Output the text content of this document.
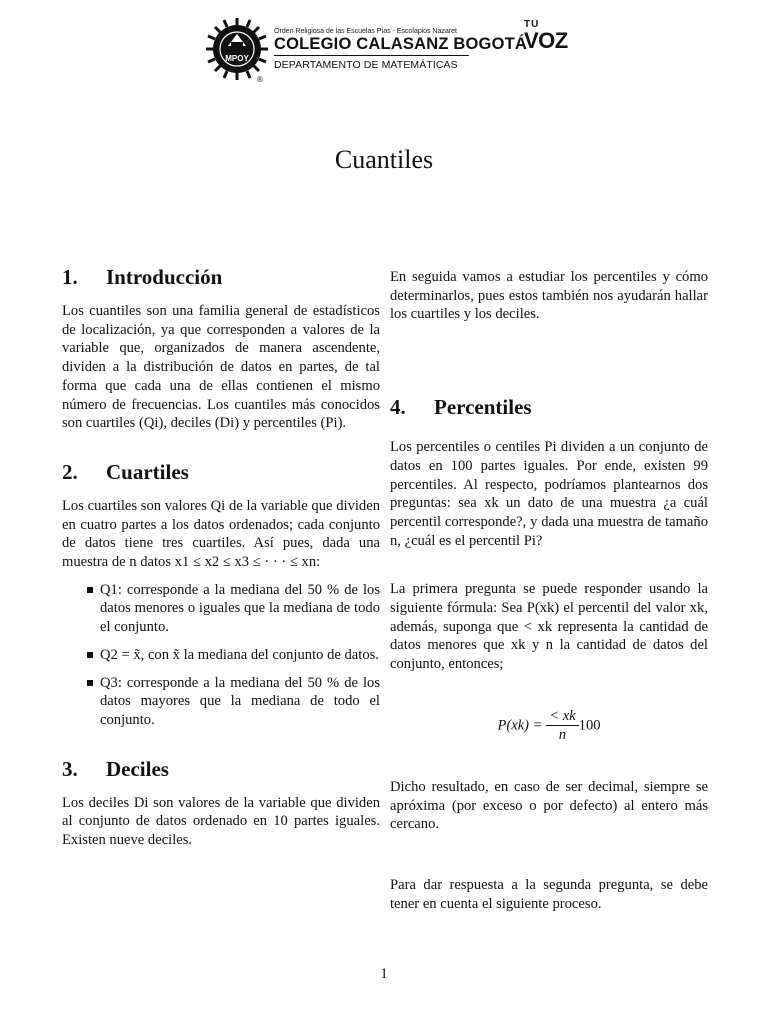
MPOY
®
Orden Religiosa de las Escuelas Pías - Escolapios Nazaret
COLEGIO CALASANZ BOGOTÁ
DEPARTAMENTO DE MATEMÁTICAS
TU
VOZ
Cuantiles
1. Introducción

Los cuantiles son una familia general de estadísticos de localización, ya que corresponden a valores de la variable que, organizados de manera ascendente, dividen a la distribución de datos en partes, de tal forma que cada una de ellas contienen el mismo número de frecuencias. Los cuantiles más conocidos son cuartiles (Qi), deciles (Di) y percentiles (Pi).

2. Cuartiles

Los cuartiles son valores Qi de la variable que dividen en cuatro partes a los datos ordenados; cada conjunto de datos tiene tres cuartiles. Así pues, dada una muestra de n datos x1 ≤ x2 ≤ x3 ≤ · · · ≤ xn:

Q1: corresponde a la mediana del 50 % de los datos menores o iguales que la mediana de todo el conjunto.
Q2 = x̃, con x̃ la mediana del conjunto de datos.
Q3: corresponde a la mediana del 50 % de los datos mayores que la mediana de todo el conjunto.
3. Deciles

Los deciles Di son valores de la variable que dividen al conjunto de datos ordenado en 10 partes iguales. Existen nueve deciles.

En seguida vamos a estudiar los percentiles y cómo determinarlos, pues estos también nos ayudarán hallar los cuartiles y los deciles.

4. Percentiles

Los percentiles o centiles Pi dividen a un conjunto de datos en 100 partes iguales. Por ende, existen 99 percentiles. Al respecto, podríamos plantearnos dos preguntas: sea xk un dato de una muestra ¿a cuál percentil corresponde?, y dada una muestra de tamaño n, ¿cuál es el percentil Pi?

La primera pregunta se puede responder usando la siguiente fórmula: Sea P(xk) el percentil del valor xk, además, suponga que < xk representa la cantidad de datos menores que xk y n la cantidad de datos del conjunto, entonces;

$P(xk) = \frac{< xk}{n} 100$

Dicho resultado, en caso de ser decimal, siempre se apróxima (por exceso o por defecto) al entero más cercano.

Para dar respuesta a la segunda pregunta, se debe tener en cuenta el siguiente proceso.

1
